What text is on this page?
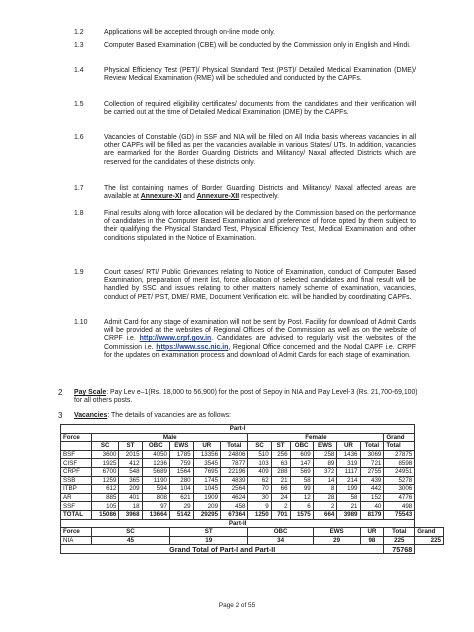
1.2	Applications will be accepted through on-line mode only.
1.3	Computer Based Examination (CBE) will be conducted by the Commission only in English and Hindi.
1.4	Physical Efficiency Test (PET)/ Physical Standard Test (PST)/ Detailed Medical Examination (DME)/ Review Medical Examination (RME) will be scheduled and conducted by the CAPFs.
1.5	Collection of required eligibility certificates/ documents from the candidates and their verification will be carried out at the time of Detailed Medical Examination (DME) by the CAPFs.
1.6	Vacancies of Constable (GD) in SSF and NIA will be filled on All India basis whereas vacancies in all other CAPFs will be filled as per the vacancies available in various States/ UTs. In addition, vacancies are earmarked for the Border Guarding Districts and Militancy/ Naxal affected Districts which are reserved for the candidates of these districts only.
1.7	The list containing names of Border Guarding Districts and Militancy/ Naxal affected areas are available at Annexure-XI and Annexure-XII respectively.
1.8	Final results along with force allocation will be declared by the Commission based on the performance of candidates in the Computer Based Examination and preference of force opted by them subject to their qualifying the Physical Standard Test, Physical Efficiency Test, Medical Examination and other conditions stipulated in the Notice of Examination.
1.9	Court cases/ RTI/ Public Grievances relating to Notice of Examination, conduct of Computer Based Examination, preparation of merit list, force allocation of selected candidates and final result will be handled by SSC and issues relating to other matters namely scheme of examination, vacancies, conduct of PET/ PST, DME/ RME, Document Verification etc. will be handled by coordinating CAPFs.
1.10	Admit Card for any stage of examination will not be sent by Post. Facility for download of Admit Cards will be provided at the websites of Regional Offices of the Commission as well as on the website of CRPF i.e. http://www.crpf.gov.in. Candidates are advised to regularly visit the websites of the Commission i.e. https://www.ssc.nic.in, Regional Office concerned and the Nodal CAPF i.e. CRPF for the updates on examination process and download of Admit Cards for each stage of examination.
2 Pay Scale: Pay Lev e–1(Rs. 18,000 to 56,900) for the post of Sepoy in NIA and Pay Level-3 (Rs. 21,700-69,100) for all others posts.
3 Vacancies: The details of vacancies are as follows:
Part-I														
Force	Male						Female						Grand	
	SC	ST	OBC	EWS	UR	Total	SC	ST	OBC	EWS	UR	Total	Total	
BSF	3600	2015	4050	1785	13356	24806	510	256	609	258	1436	3069	27875	
CISF	1925	412	1236	759	3545	7877	103	63	147	89	319	721	8598	
CRPF	6700	548	5689	1564	7695	22196	409	288	569	372	1117	2755	24951	
SSB	1259	365	1190	280	1745	4839	62	21	58	14	214	439	5278	
ITBP	612	209	594	104	1045	2564	70	66	99	8	199	442	3006	
AR	885	401	808	621	1909	4624	30	24	12	28	58	152	4776	
SSF	105	18	97	29	209	458	9	2	6	2	21	40	498	
TOTAL	15086	3968	13664	5142	29295	67364	1250	701	1575	664	3989	8179	75543	
Part-II														
Force	SC			ST			OBC			EWS		UR	Total	Grand
NIA	45			19			34			29		98	225	225
Grand Total of Part-I and Part-II													75768	
Page 2 of 55
